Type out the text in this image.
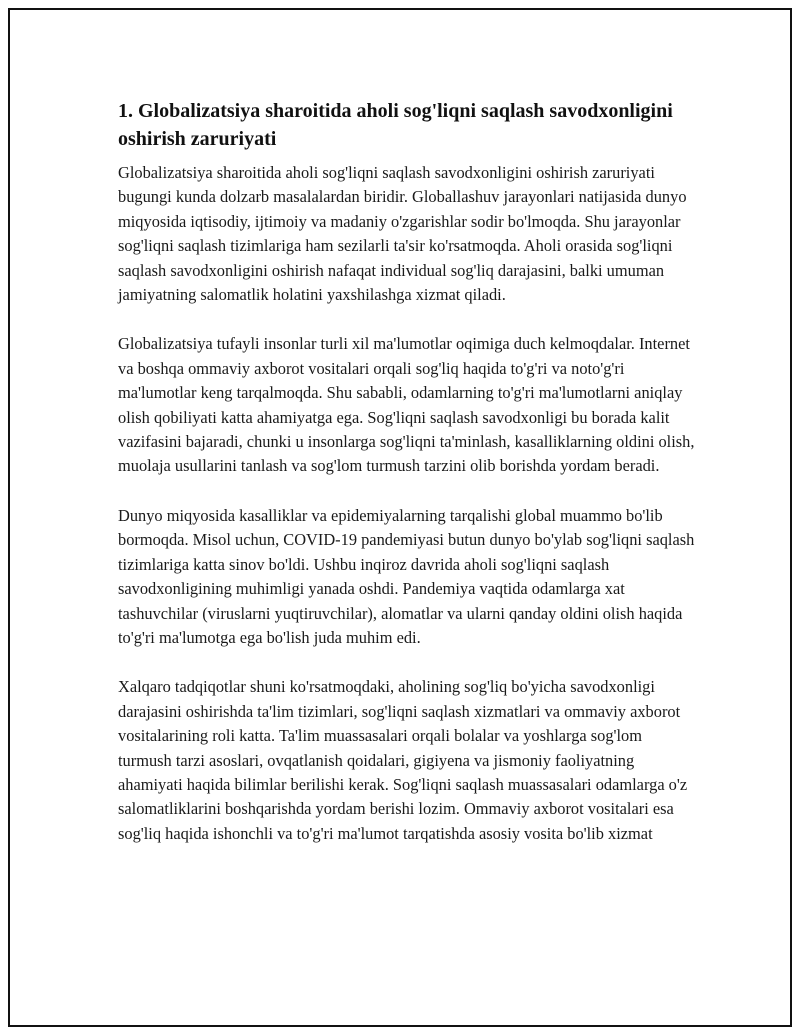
1. Globalizatsiya sharoitida aholi sog'liqni saqlash savodxonligini oshirish zaruriyati

Globalizatsiya sharoitida aholi sog'liqni saqlash savodxonligini oshirish zaruriyati bugungi kunda dolzarb masalalardan biridir. Globallashuv jarayonlari natijasida dunyo miqyosida iqtisodiy, ijtimoiy va madaniy o'zgarishlar sodir bo'lmoqda. Shu jarayonlar sog'liqni saqlash tizimlariga ham sezilarli ta'sir ko'rsatmoqda. Aholi orasida sog'liqni saqlash savodxonligini oshirish nafaqat individual sog'liq darajasini, balki umuman jamiyatning salomatlik holatini yaxshilashga xizmat qiladi.

Globalizatsiya tufayli insonlar turli xil ma'lumotlar oqimiga duch kelmoqdalar. Internet va boshqa ommaviy axborot vositalari orqali sog'liq haqida to'g'ri va noto'g'ri ma'lumotlar keng tarqalmoqda. Shu sababli, odamlarning to'g'ri ma'lumotlarni aniqlay olish qobiliyati katta ahamiyatga ega. Sog'liqni saqlash savodxonligi bu borada kalit vazifasini bajaradi, chunki u insonlarga sog'liqni ta'minlash, kasalliklarning oldini olish, muolaja usullarini tanlash va sog'lom turmush tarzini olib borishda yordam beradi.

Dunyo miqyosida kasalliklar va epidemiyalarning tarqalishi global muammo bo'lib bormoqda. Misol uchun, COVID-19 pandemiyasi butun dunyo bo'ylab sog'liqni saqlash tizimlariga katta sinov bo'ldi. Ushbu inqiroz davrida aholi sog'liqni saqlash savodxonligining muhimligi yanada oshdi. Pandemiya vaqtida odamlarga xat tashuvchilar (viruslarni yuqtiruvchilar), alomatlar va ularni qanday oldini olish haqida to'g'ri ma'lumotga ega bo'lish juda muhim edi.

Xalqaro tadqiqotlar shuni ko'rsatmoqdaki, aholining sog'liq bo'yicha savodxonligi darajasini oshirishda ta'lim tizimlari, sog'liqni saqlash xizmatlari va ommaviy axborot vositalarining roli katta. Ta'lim muassasalari orqali bolalar va yoshlarga sog'lom turmush tarzi asoslari, ovqatlanish qoidalari, gigiyena va jismoniy faoliyatning ahamiyati haqida bilimlar berilishi kerak. Sog'liqni saqlash muassasalari odamlarga o'z salomatliklarini boshqarishda yordam berishi lozim. Ommaviy axborot vositalari esa sog'liq haqida ishonchli va to'g'ri ma'lumot tarqatishda asosiy vosita bo'lib xizmat
